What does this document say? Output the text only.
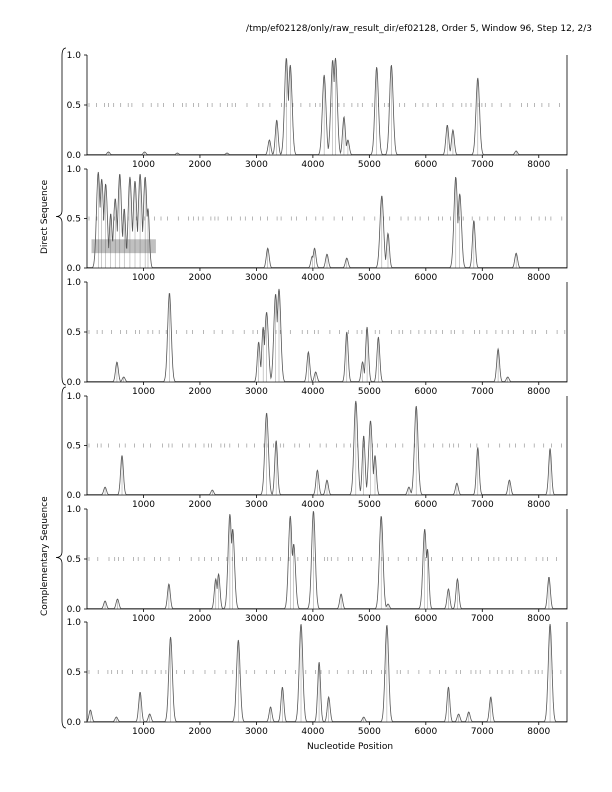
/tmp/ef02128/only/raw_result_dir/ef02128, Order 5, Window 96, Step 12, 2/3
Direct Sequence
Complementary Sequence
0.0
0.5
1.0
1000	2000	3000	4000	5000	6000	7000	8000
0.0
0.5
1.0
1000	2000	3000	4000	5000	6000	7000	8000
0.0
0.5
1.0
1000	2000	3000	4000	5000	6000	7000	8000
0.0
0.5
1.0
1000	2000	3000	4000	5000	6000	7000	8000
0.0
0.5
1.0
1000	2000	3000	4000	5000	6000	7000	8000
0.0
0.5
1.0
1000	2000	3000	4000	5000	6000	7000	8000
Nucleotide Position
